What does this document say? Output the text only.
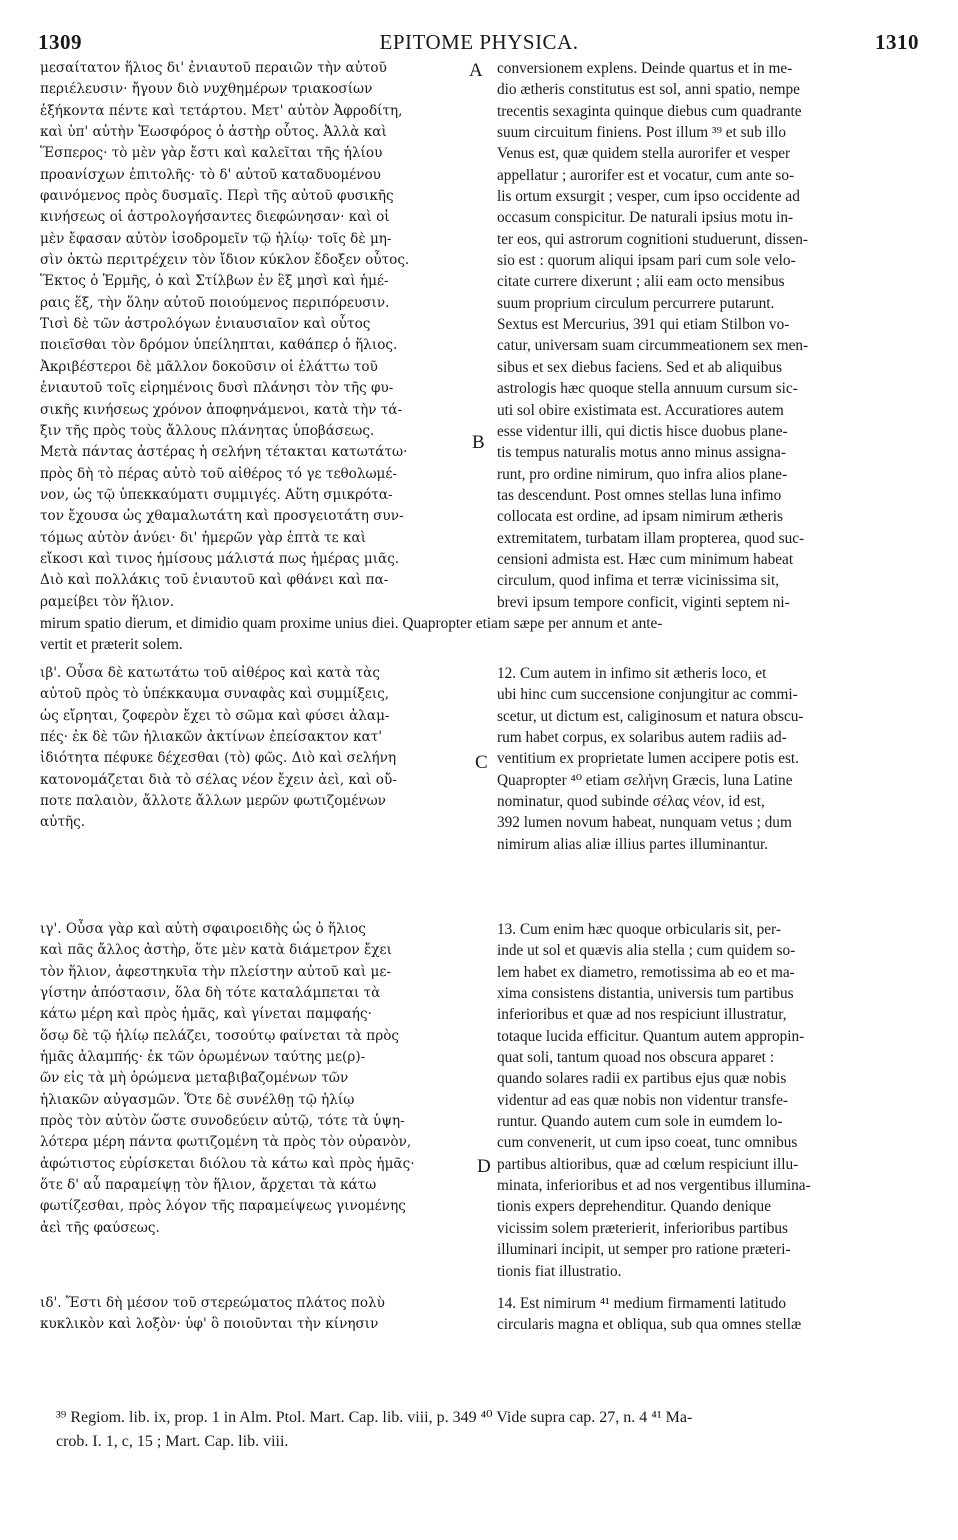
1309	EPITOME PHYSICA.	1310
μεσαίτατον ἥλιος δι' ἐνιαυτοῦ περαιῶν τὴν αὐτοῦ
περιέλευσιν· ἤγουν διὸ νυχθημέρων τριακοσίων
ἑξήκοντα πέντε καὶ τετάρτου. Μετ' αὐτὸν Ἀφροδίτη,
καὶ ὑπ' αὐτὴν Ἑωσφόρος ὁ ἀστὴρ οὗτος. Ἀλλὰ καὶ
Ἕσπερος· τὸ μὲν γὰρ ἔστι καὶ καλεῖται τῆς ἡλίου
προανίσχων ἐπιτολῆς· τὸ δ' αὐτοῦ καταδυομένου
φαινόμενος πρὸς δυσμαῖς. Περὶ τῆς αὐτοῦ φυσικῆς
κινήσεως οἱ ἀστρολογήσαντες διεφώνησαν· καὶ οἱ
μὲν ἔφασαν αὐτὸν ἰσοδρομεῖν τῷ ἡλίῳ· τοῖς δὲ μη-
σὶν ὀκτὼ περιτρέχειν τὸν ἴδιον κύκλον ἔδοξεν οὗτος.
Ἕκτος ὁ Ἑρμῆς, ὁ καὶ Στίλβων ἐν ἓξ μησὶ καὶ ἡμέ-
ραις ἕξ, τὴν ὅλην αὐτοῦ ποιούμενος περιπόρευσιν.
Τισὶ δὲ τῶν ἀστρολόγων ἐνιαυσιαῖον καὶ οὗτος
ποιεῖσθαι τὸν δρόμον ὑπείληπται, καθάπερ ὁ ἥλιος.
Ἀκριβέστεροι δὲ μᾶλλον δοκοῦσιν οἱ ἐλάττω τοῦ
ἐνιαυτοῦ τοῖς εἰρημένοις δυσὶ πλάνησι τὸν τῆς φυ-
σικῆς κινήσεως χρόνον ἀποφηνάμενοι, κατὰ τὴν τά-
ξιν τῆς πρὸς τοὺς ἄλλους πλάνητας ὑποβάσεως.
Μετὰ πάντας ἀστέρας ἡ σελήνη τέτακται κατωτάτω·
πρὸς δὴ τὸ πέρας αὐτὸ τοῦ αἰθέρος τό γε τεθολωμέ-
νον, ὡς τῷ ὑπεκκαύματι συμμιγές. Αὕτη σμικρότα-
τον ἔχουσα ὡς χθαμαλωτάτη καὶ προσγειοτάτη συν-
τόμως αὐτὸν ἀνύει· δι' ἡμερῶν γὰρ ἑπτὰ τε καὶ
εἴκοσι καὶ τινος ἡμίσους μάλιστά πως ἡμέρας μιᾶς.
Διὸ καὶ πολλάκις τοῦ ἐνιαυτοῦ καὶ φθάνει καὶ πα-
ραμείβει τὸν ἥλιον.
conversionem explens. Deinde quartus et in me-
dio ætheris constitutus est sol, anni spatio, nempe
trecentis sexaginta quinque diebus cum quadrante
suum circuitum finiens. Post illum ³⁹ et sub illo
Venus est, quæ quidem stella aurorifer et vesper
appellatur ; aurorifer est et vocatur, cum ante so-
lis ortum exsurgit ; vesper, cum ipso occidente ad
occasum conspicitur. De naturali ipsius motu in-
ter eos, qui astrorum cognitioni studuerunt, dissen-
sio est : quorum aliqui ipsam pari cum sole velo-
citate currere dixerunt ; alii eam octo mensibus
suum proprium circulum percurrere putarunt.
Sextus est Mercurius, 391 qui etiam Stilbon vo-
catur, universam suam circummeationem sex men-
sibus et sex diebus faciens. Sed et ab aliquibus
astrologis hæc quoque stella annuum cursum sic-
uti sol obire existimata est. Accuratiores autem
esse videntur illi, qui dictis hisce duobus plane-
tis tempus naturalis motus anno minus assigna-
runt, pro ordine nimirum, quo infra alios plane-
tas descendunt. Post omnes stellas luna infimo
collocata est ordine, ad ipsam nimirum ætheris
extremitatem, turbatam illam propterea, quod suc-
censioni admista est. Hæc cum minimum habeat
circulum, quod infima et terræ vicinissima sit,
brevi ipsum tempore conficit, viginti septem ni-
mirum spatio dierum, et dimidio quam proxime unius diei. Quapropter etiam sæpe per annum et ante-
vertit et præterit solem.
ιβ'. Οὖσα δὲ κατωτάτω τοῦ αἰθέρος καὶ κατὰ τὰς
αὐτοῦ πρὸς τὸ ὑπέκκαυμα συναφὰς καὶ συμμίξεις,
ὡς εἴρηται, ζοφερὸν ἔχει τὸ σῶμα καὶ φύσει ἀλαμ-
πές· ἐκ δὲ τῶν ἡλιακῶν ἀκτίνων ἐπείσακτον κατ'
ἰδιότητα πέφυκε δέχεσθαι (τὸ) φῶς. Διὸ καὶ σελήνη
κατονομάζεται διὰ τὸ σέλας νέον ἔχειν ἀεὶ, καὶ οὔ-
ποτε παλαιὸν, ἄλλοτε ἄλλων μερῶν φωτιζομένων
αὐτῆς.
12. Cum autem in infimo sit ætheris loco, et
ubi hinc cum succensione conjungitur ac commi-
scetur, ut dictum est, caliginosum et natura obscu-
rum habet corpus, ex solaribus autem radiis ad-
ventitium ex proprietate lumen accipere potis est.
Quapropter ⁴⁰ etiam σελήνη Græcis, luna Latine
nominatur, quod subinde σέλας νέον, id est,
392 lumen novum habeat, nunquam vetus ; dum
nimirum alias aliæ illius partes illuminantur.
ιγ'. Οὖσα γὰρ καὶ αὐτὴ σφαιροειδὴς ὡς ὁ ἥλιος
καὶ πᾶς ἄλλος ἀστὴρ, ὅτε μὲν κατὰ διάμετρον ἔχει
τὸν ἥλιον, ἀφεστηκυῖα τὴν πλείστην αὐτοῦ καὶ με-
γίστην ἀπόστασιν, ὅλα δὴ τότε καταλάμπεται τὰ
κάτω μέρη καὶ πρὸς ἡμᾶς, καὶ γίνεται παμφαής·
ὅσῳ δὲ τῷ ἡλίῳ πελάζει, τοσούτῳ φαίνεται τὰ πρὸς
ἡμᾶς ἀλαμπής· ἐκ τῶν ὁρωμένων ταύτης με(ρ)-
ῶν εἰς τὰ μὴ ὁρώμενα μεταβιβαζομένων τῶν
ἡλιακῶν αὐγασμῶν. Ὅτε δὲ συνέλθῃ τῷ ἡλίῳ
πρὸς τὸν αὐτὸν ὥστε συνοδεύειν αὐτῷ, τότε τὰ ὑψη-
λότερα μέρη πάντα φωτιζομένη τὰ πρὸς τὸν οὐρανὸν,
ἀφώτιστος εὑρίσκεται διόλου τὰ κάτω καὶ πρὸς ἡμᾶς·
ὅτε δ' αὖ παραμείψῃ τὸν ἥλιον, ἄρχεται τὰ κάτω
φωτίζεσθαι, πρὸς λόγον τῆς παραμείψεως γινομένης
ἀεὶ τῆς φαύσεως.
13. Cum enim hæc quoque orbicularis sit, per-
inde ut sol et quævis alia stella ; cum quidem so-
lem habet ex diametro, remotissima ab eo et ma-
xima consistens distantia, universis tum partibus
inferioribus et quæ ad nos respiciunt illustratur,
totaque lucida efficitur. Quantum autem appropin-
quat soli, tantum quoad nos obscura apparet :
quando solares radii ex partibus ejus quæ nobis
videntur ad eas quæ nobis non videntur transfe-
runtur. Quando autem cum sole in eumdem lo-
cum convenerit, ut cum ipso coeat, tunc omnibus
partibus altioribus, quæ ad cœlum respiciunt illu-
minata, inferioribus et ad nos vergentibus illumina-
tionis expers deprehenditur. Quando denique
vicissim solem præterierit, inferioribus partibus
illuminari incipit, ut semper pro ratione præteri-
tionis fiat illustratio.
ιδ'. Ἔστι δὴ μέσον τοῦ στερεώματος πλάτος πολὺ
κυκλικὸν καὶ λοξὸν· ὑφ' ὃ ποιοῦνται τὴν κίνησιν
14. Est nimirum ⁴¹ medium firmamenti latitudo
circularis magna et obliqua, sub qua omnes stellæ
A
B
C
D
³⁹ Regiom. lib. ix, prop. 1 in Alm. Ptol. Mart. Cap. lib. viii, p. 349 ⁴⁰ Vide supra cap. 27, n. 4 ⁴¹ Ma-
crob. I. 1, c, 15 ; Mart. Cap. lib. viii.
